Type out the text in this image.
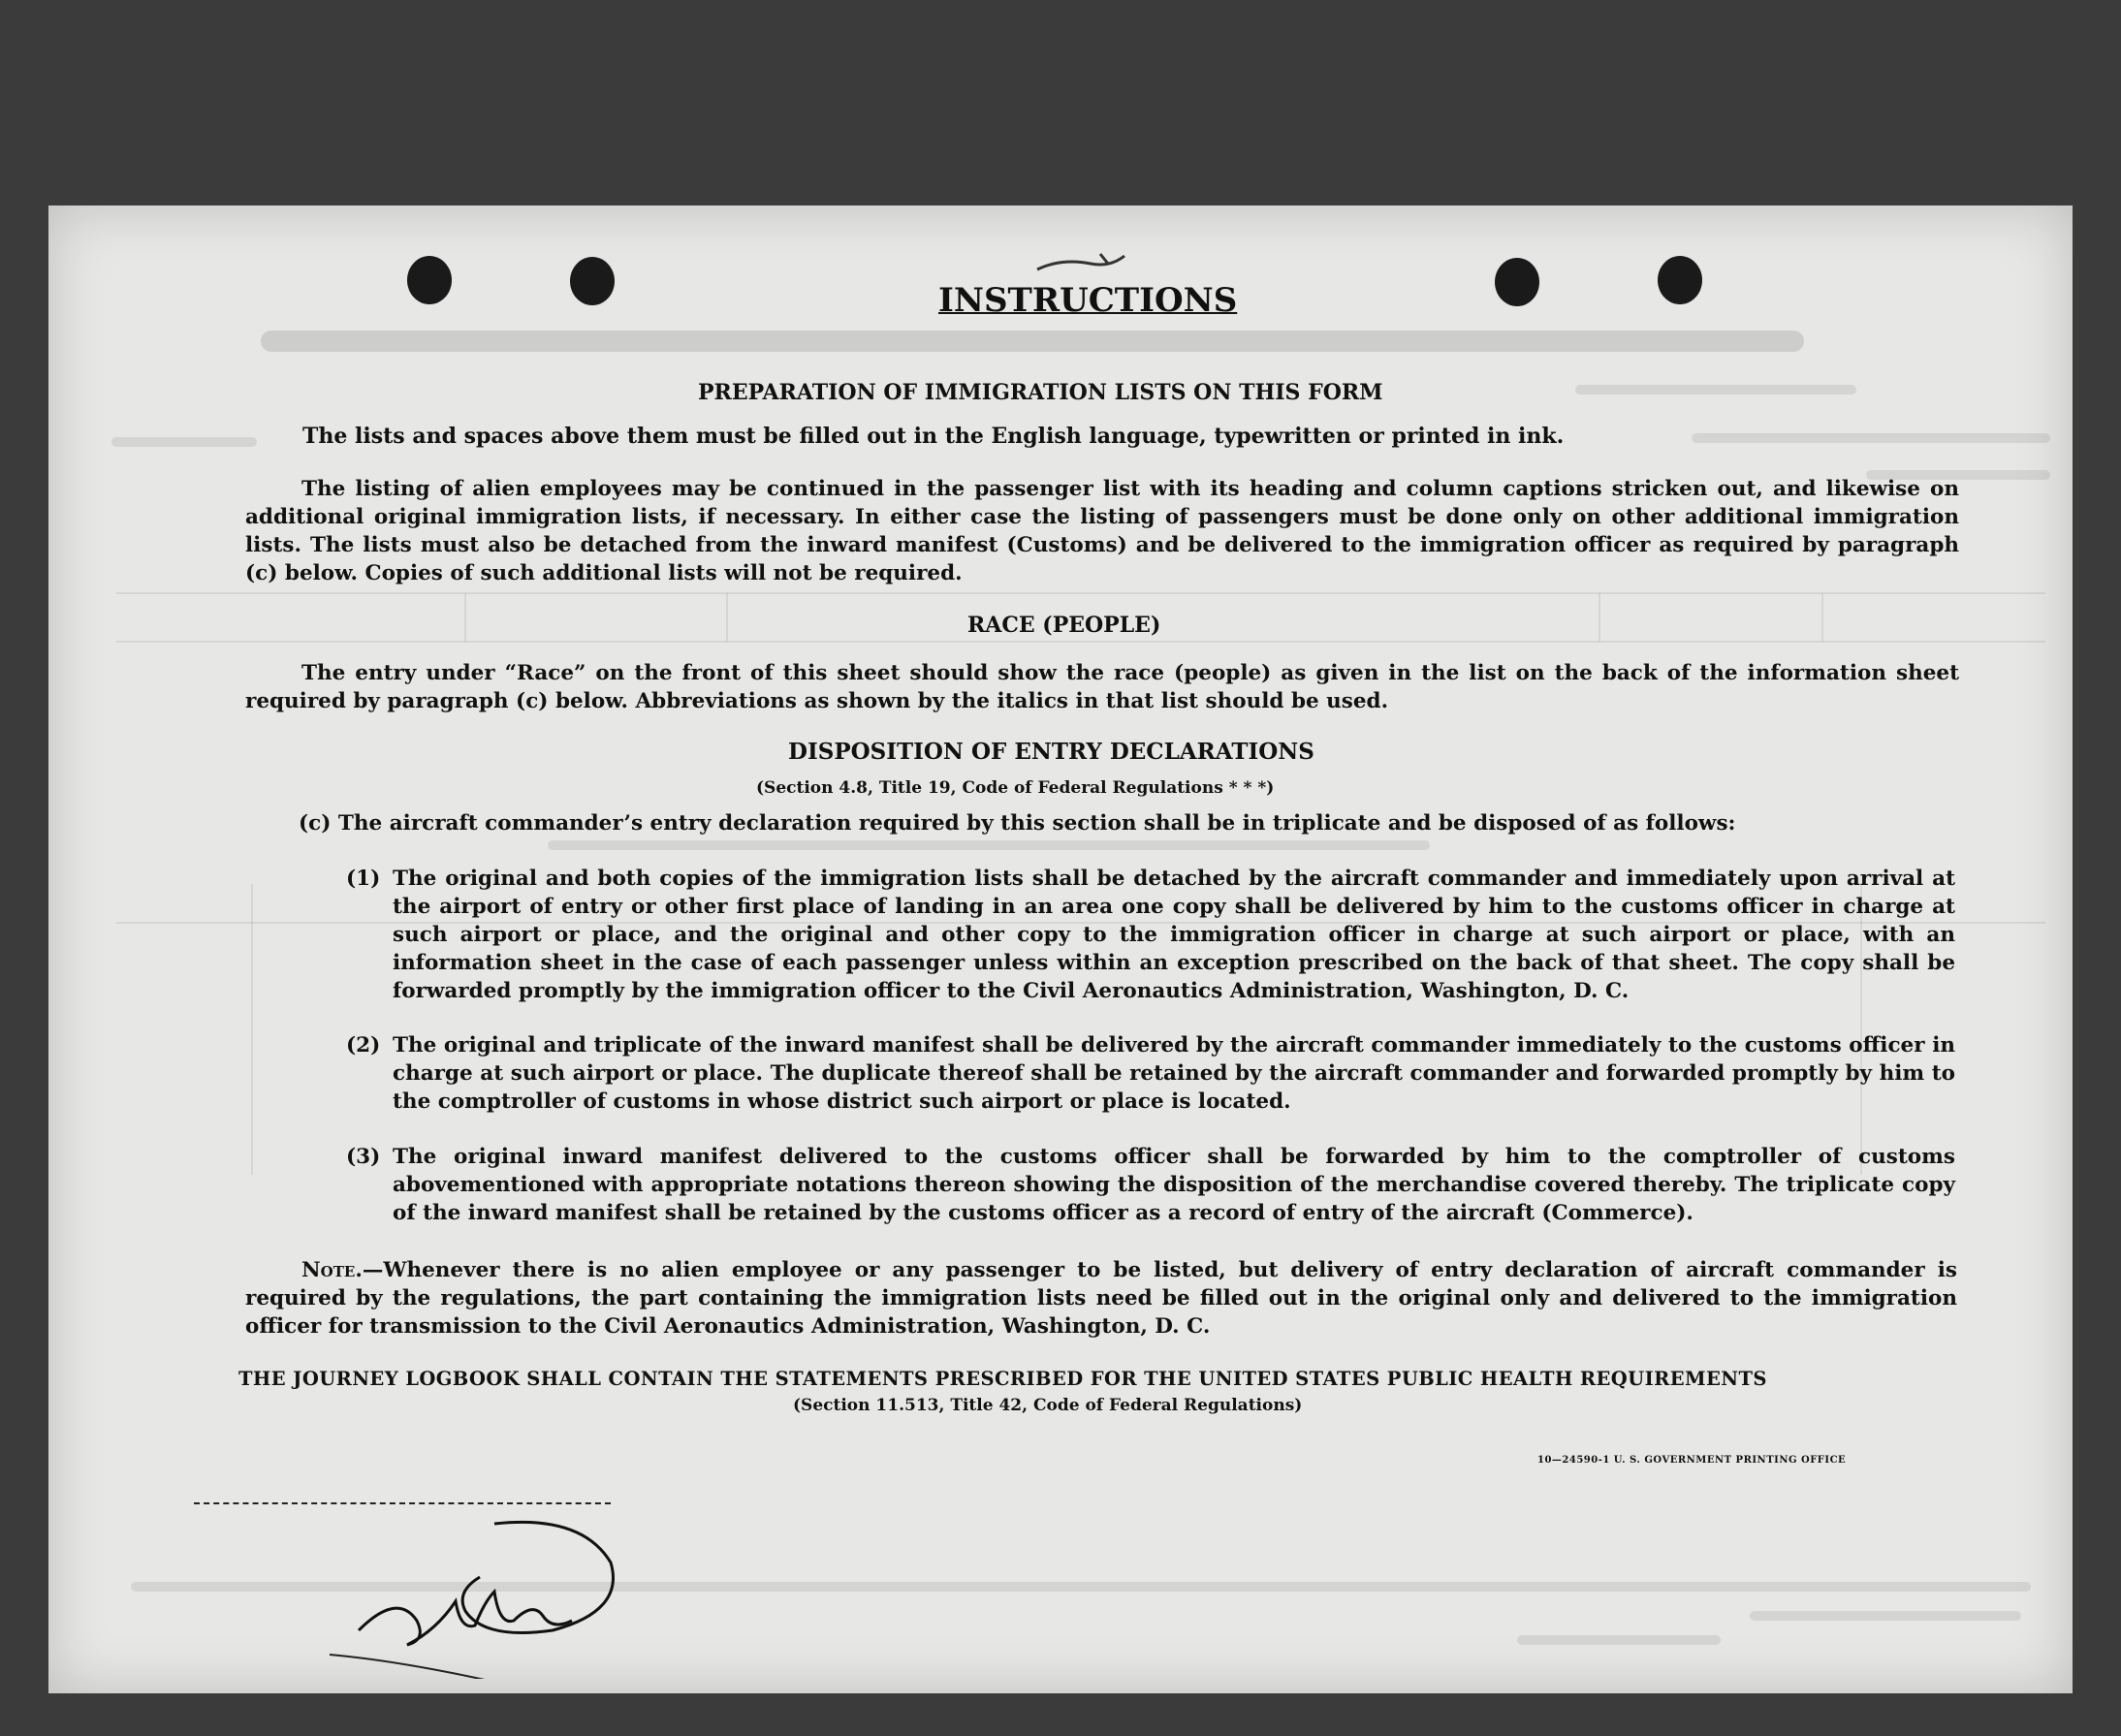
INSTRUCTIONS
PREPARATION OF IMMIGRATION LISTS ON THIS FORM
The lists and spaces above them must be filled out in the English language, typewritten or printed in ink.
The listing of alien employees may be continued in the passenger list with its heading and column captions stricken out, and likewise on additional original immigration lists, if necessary. In either case the listing of passengers must be done only on other additional immigration lists. The lists must also be detached from the inward manifest (Customs) and be delivered to the immigration officer as required by paragraph (c) below. Copies of such additional lists will not be required.
RACE (PEOPLE)
The entry under “Race” on the front of this sheet should show the race (people) as given in the list on the back of the information sheet required by paragraph (c) below. Abbreviations as shown by the italics in that list should be used.
DISPOSITION OF ENTRY DECLARATIONS
(Section 4.8, Title 19, Code of Federal Regulations * * *)
(c) The aircraft commander’s entry declaration required by this section shall be in triplicate and be disposed of as follows:
(1) The original and both copies of the immigration lists shall be detached by the aircraft commander and immediately upon arrival at the airport of entry or other first place of landing in an area one copy shall be delivered by him to the customs officer in charge at such airport or place, and the original and other copy to the immigration officer in charge at such airport or place, with an information sheet in the case of each passenger unless within an exception prescribed on the back of that sheet. The copy shall be forwarded promptly by the immigration officer to the Civil Aeronautics Administration, Washington, D. C.
(2) The original and triplicate of the inward manifest shall be delivered by the aircraft commander immediately to the customs officer in charge at such airport or place. The duplicate thereof shall be retained by the aircraft commander and forwarded promptly by him to the comptroller of customs in whose district such airport or place is located.
(3) The original inward manifest delivered to the customs officer shall be forwarded by him to the comptroller of customs abovementioned with appropriate notations thereon showing the disposition of the merchandise covered thereby. The triplicate copy of the inward manifest shall be retained by the customs officer as a record of entry of the aircraft (Commerce).
Note.—Whenever there is no alien employee or any passenger to be listed, but delivery of entry declaration of aircraft commander is required by the regulations, the part containing the immigration lists need be filled out in the original only and delivered to the immigration officer for transmission to the Civil Aeronautics Administration, Washington, D. C.
THE JOURNEY LOGBOOK SHALL CONTAIN THE STATEMENTS PRESCRIBED FOR THE UNITED STATES PUBLIC HEALTH REQUIREMENTS
(Section 11.513, Title 42, Code of Federal Regulations)
10—24590-1 U. S. GOVERNMENT PRINTING OFFICE
